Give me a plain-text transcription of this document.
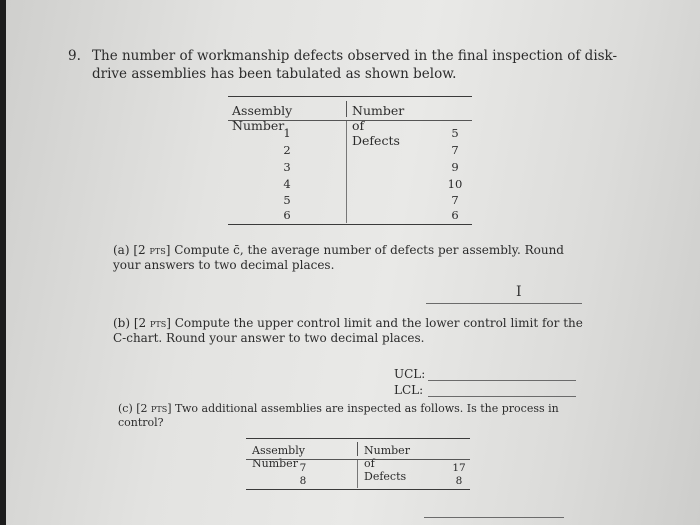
9. The number of workmanship defects observed in the final inspection of disk-drive assemblies has been tabulated as shown below.
Assembly Number
Number of Defects
1	5
2	7
3	9
4	10
5	7
6	6
(a) [2 pts] Compute c̄, the average number of defects per assembly. Round your answers to two decimal places.
I
(b) [2 pts] Compute the upper control limit and the lower control limit for the C-chart. Round your answer to two decimal places.
UCL:
LCL:
(c) [2 pts] Two additional assemblies are inspected as follows. Is the process in control?
Assembly Number
Number of Defects
7	17
8	8
